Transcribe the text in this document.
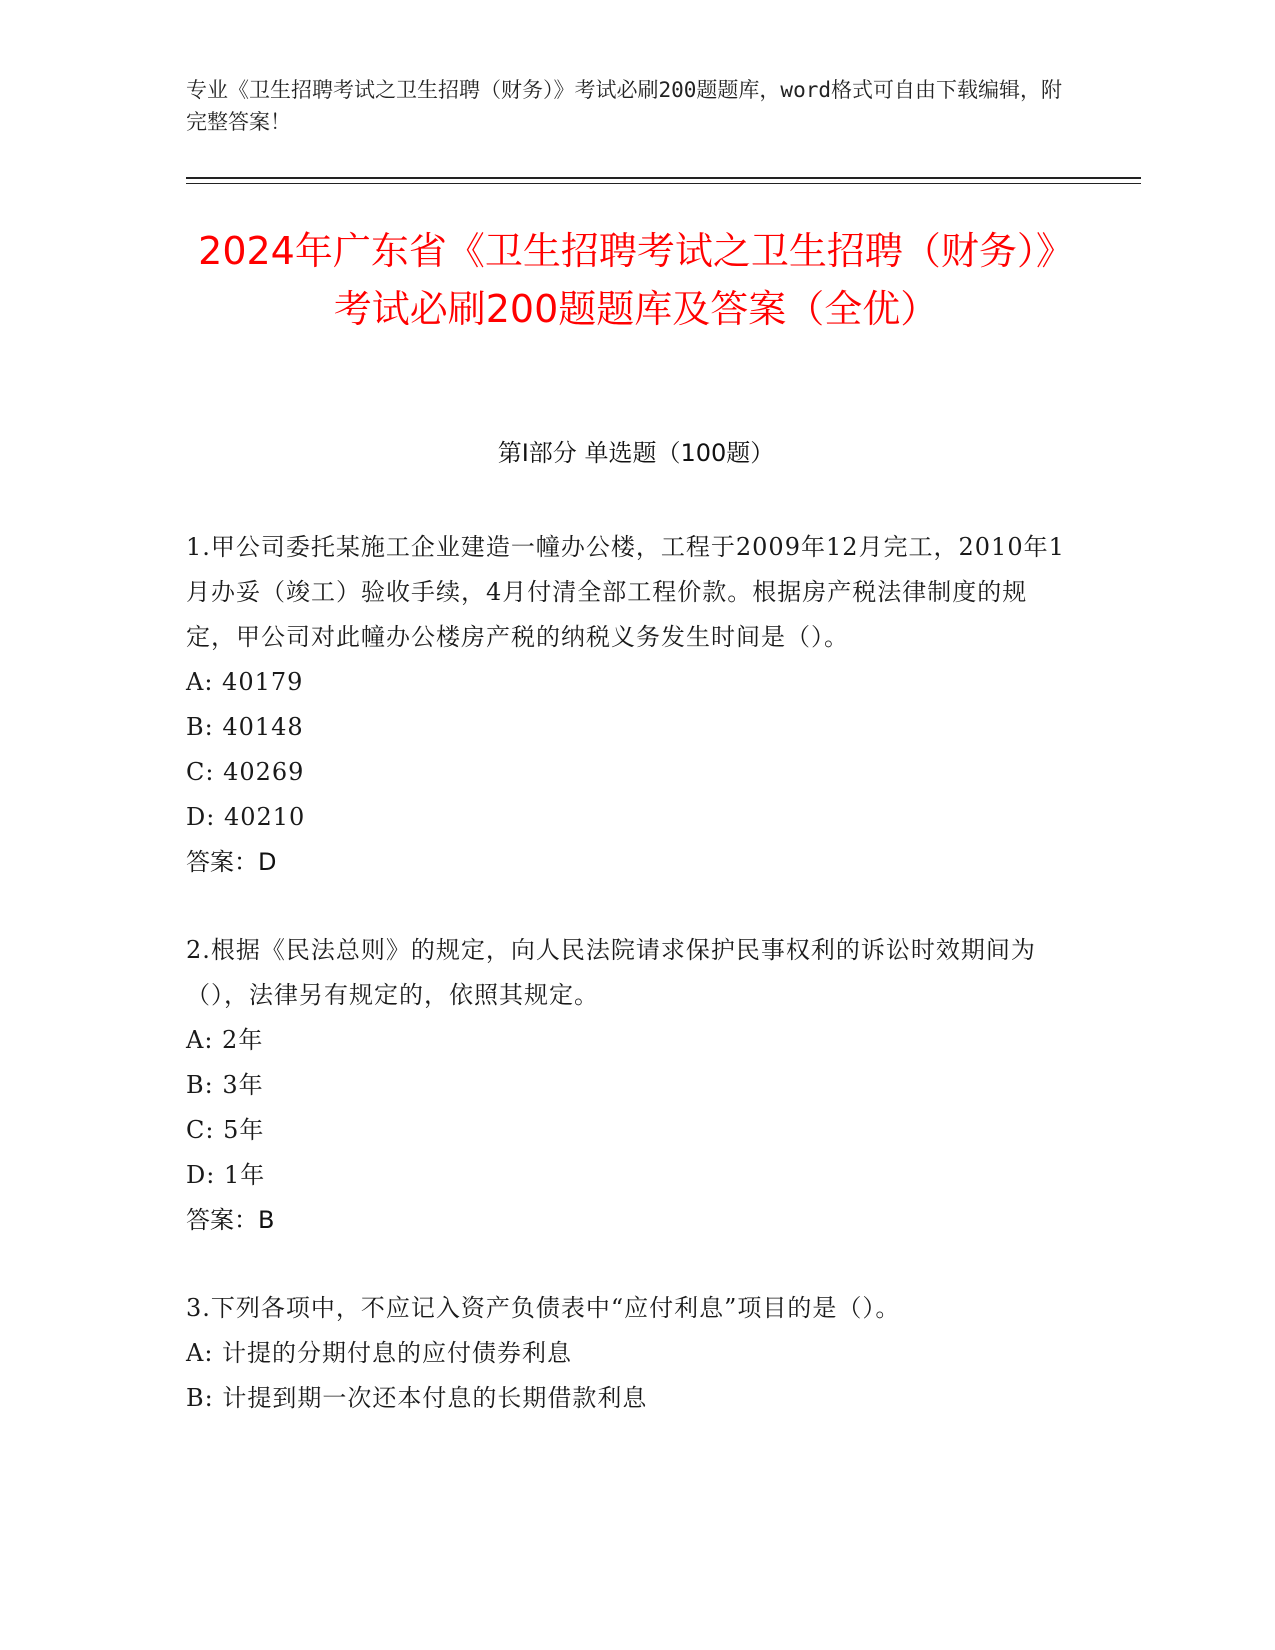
专业《卫生招聘考试之卫生招聘（财务）》考试必刷200题题库，word格式可自由下载编辑，附完整答案！
2024年广东省《卫生招聘考试之卫生招聘（财务）》考试必刷200题题库及答案（全优）
第I部分 单选题（100题）
1.甲公司委托某施工企业建造一幢办公楼，工程于2009年12月完工，2010年1月办妥（竣工）验收手续，4月付清全部工程价款。根据房产税法律制度的规定，甲公司对此幢办公楼房产税的纳税义务发生时间是（）。
A: 40179
B: 40148
C: 40269
D: 40210
答案：D
2.根据《民法总则》的规定，向人民法院请求保护民事权利的诉讼时效期间为（），法律另有规定的，依照其规定。
A: 2年
B: 3年
C: 5年
D: 1年
答案：B
3.下列各项中，不应记入资产负债表中“应付利息”项目的是（）。
A: 计提的分期付息的应付债券利息
B: 计提到期一次还本付息的长期借款利息
